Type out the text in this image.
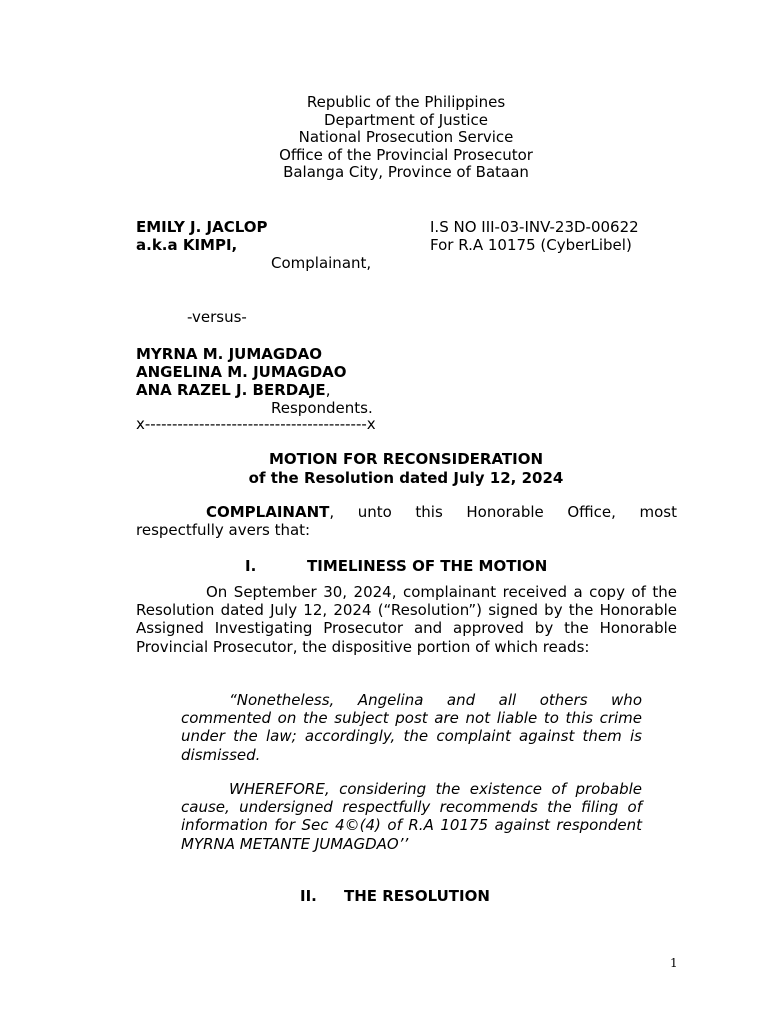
Republic of the Philippines
Department of Justice
National Prosecution Service
Office of the Provincial Prosecutor
Balanga City, Province of Bataan
EMILY J. JACLOP	I.S NO III-03-INV-23D-00622
a.k.a KIMPI,	For R.A 10175 (CyberLibel)
Complainant,
-versus-
MYRNA M. JUMAGDAO
ANGELINA M. JUMAGDAO
ANA RAZEL J. BERDAJE,
Respondents.
x-----------------------------------------x
MOTION FOR RECONSIDERATION
of the Resolution dated July 12, 2024
COMPLAINANT, unto this Honorable Office, most
respectfully avers that:
I.	TIMELINESS OF THE MOTION
On September 30, 2024, complainant received a copy of the Resolution dated July 12, 2024 (“Resolution”) signed by the Honorable Assigned Investigating Prosecutor and approved by the Honorable Provincial Prosecutor, the dispositive portion of which reads:
“Nonetheless, Angelina and all others who commented on the subject post are not liable to this crime under the law; accordingly, the complaint against them is dismissed.
WHEREFORE, considering the existence of probable cause, undersigned respectfully recommends the filing of information for Sec 4©(4) of R.A 10175 against respondent MYRNA METANTE JUMAGDAO’’
II. THE RESOLUTION
1
